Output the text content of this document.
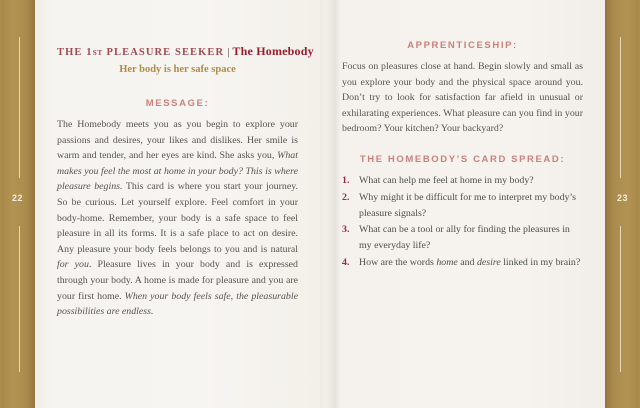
22
THE 1ST PLEASURE SEEKER | The Homebody
Her body is her safe space
MESSAGE:

The Homebody meets you as you begin to explore your passions and desires, your likes and dislikes. Her smile is warm and tender, and her eyes are kind. She asks you, What makes you feel the most at home in your body? This is where pleasure begins. This card is where you start your journey. So be curious. Let yourself explore. Feel comfort in your body-home. Remember, your body is a safe space to feel pleasure in all its forms. It is a safe place to act on desire. Any pleasure your body feels belongs to you and is natural for you. Pleasure lives in your body and is expressed through your body. A home is made for pleasure and you are your first home. When your body feels safe, the pleasurable possibilities are endless.

APPRENTICESHIP:

Focus on pleasures close at hand. Begin slowly and small as you explore your body and the physical space around you. Don’t try to look for satisfaction far afield in unusual or exhilarating experiences. What pleasure can you find in your bedroom? Your kitchen? Your backyard?

THE HOMEBODY’S CARD SPREAD:
1. What can help me feel at home in my body?
2. Why might it be difficult for me to interpret my body’s pleasure signals?
3. What can be a tool or ally for finding the pleasures in my everyday life?
4. How are the words home and desire linked in my brain?
23
